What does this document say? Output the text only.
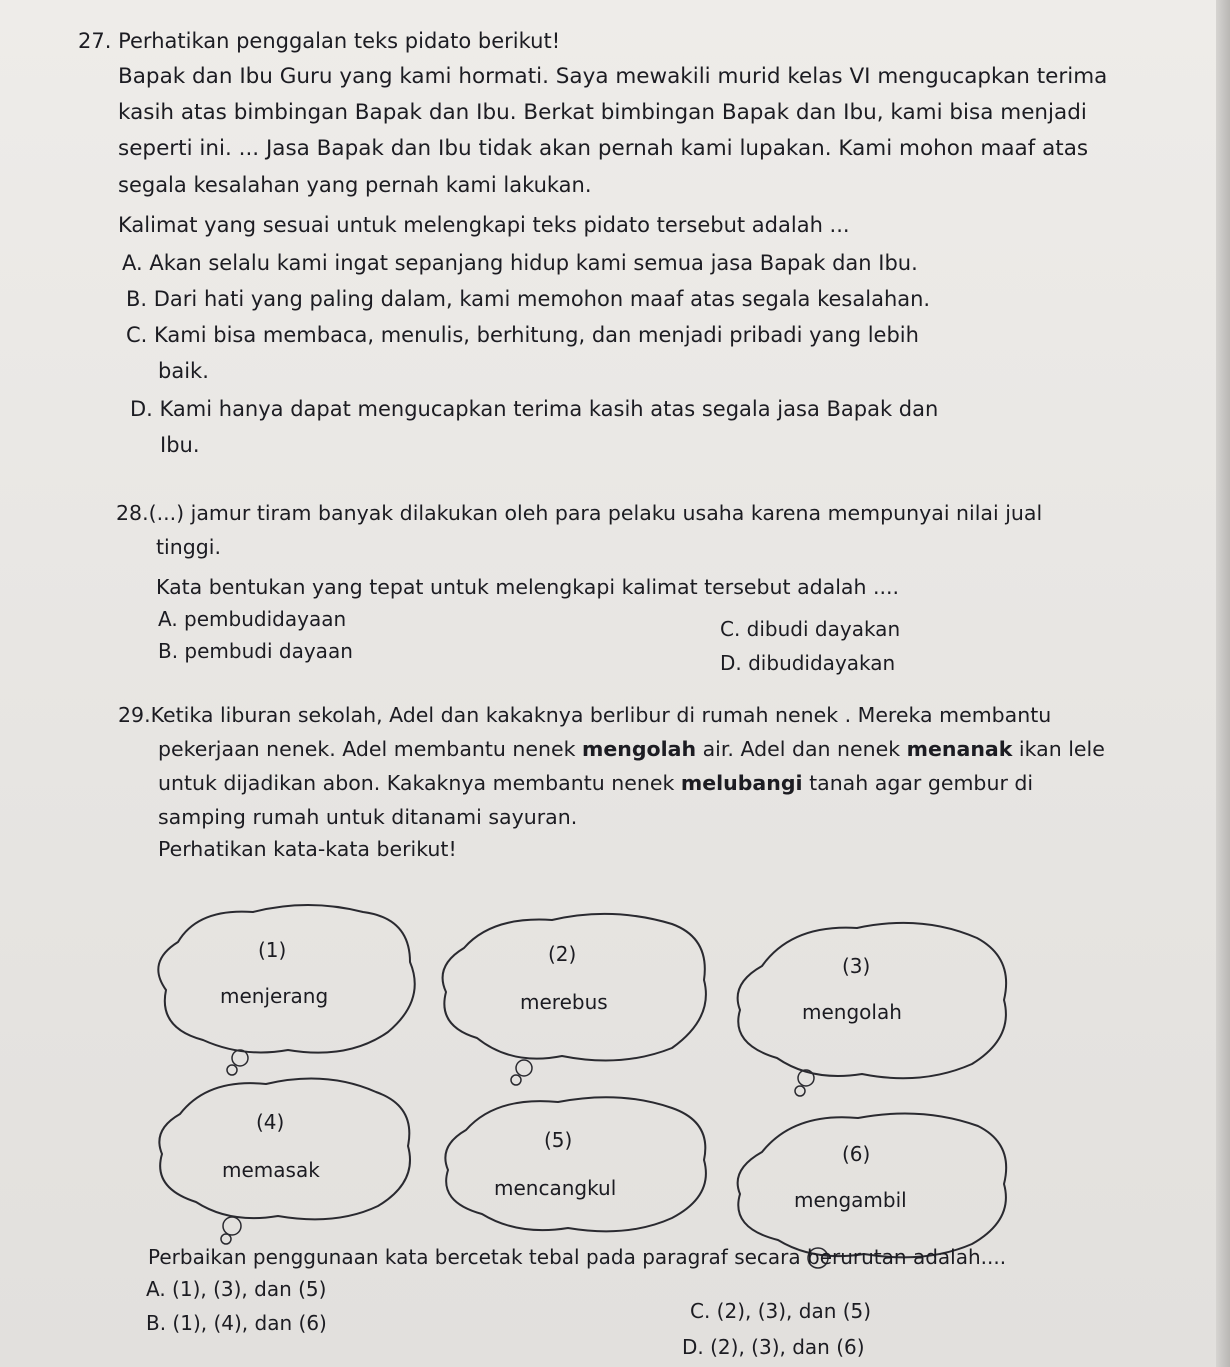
27. Perhatikan penggalan teks pidato berikut!
Bapak dan Ibu Guru yang kami hormati. Saya mewakili murid kelas VI mengucapkan terima
kasih atas bimbingan Bapak dan Ibu. Berkat bimbingan Bapak dan Ibu, kami bisa menjadi
seperti ini. ... Jasa Bapak dan Ibu tidak akan pernah kami lupakan. Kami mohon maaf atas
segala kesalahan yang pernah kami lakukan.
Kalimat yang sesuai untuk melengkapi teks pidato tersebut adalah ...
A. Akan selalu kami ingat sepanjang hidup kami semua jasa Bapak dan Ibu.
B. Dari hati yang paling dalam, kami memohon maaf atas segala kesalahan.
C. Kami bisa membaca, menulis, berhitung, dan menjadi pribadi yang lebih
baik.
D. Kami hanya dapat mengucapkan terima kasih atas segala jasa Bapak dan
Ibu.
28.(...) jamur tiram banyak dilakukan oleh para pelaku usaha karena mempunyai nilai jual
tinggi.
Kata bentukan yang tepat untuk melengkapi kalimat tersebut adalah ....
A. pembudidayaan	C. dibudi dayakan
B. pembudi dayaan	D. dibudidayakan
29.Ketika liburan sekolah, Adel dan kakaknya berlibur di rumah nenek . Mereka membantu
pekerjaan nenek. Adel membantu nenek mengolah air. Adel dan nenek menanak ikan lele
untuk dijadikan abon. Kakaknya membantu nenek melubangi tanah agar gembur di
samping rumah untuk ditanami sayuran.
Perhatikan kata-kata berikut!
(1)
menjerang
(2)
merebus
(3)
mengolah
(4)
memasak
(5)
mencangkul
(6)
mengambil
Perbaikan penggunaan kata bercetak tebal pada paragraf secara berurutan adalah....
A. (1), (3), dan (5)
C. (2), (3), dan (5)
B. (1), (4), dan (6)
D. (2), (3), dan (6)
